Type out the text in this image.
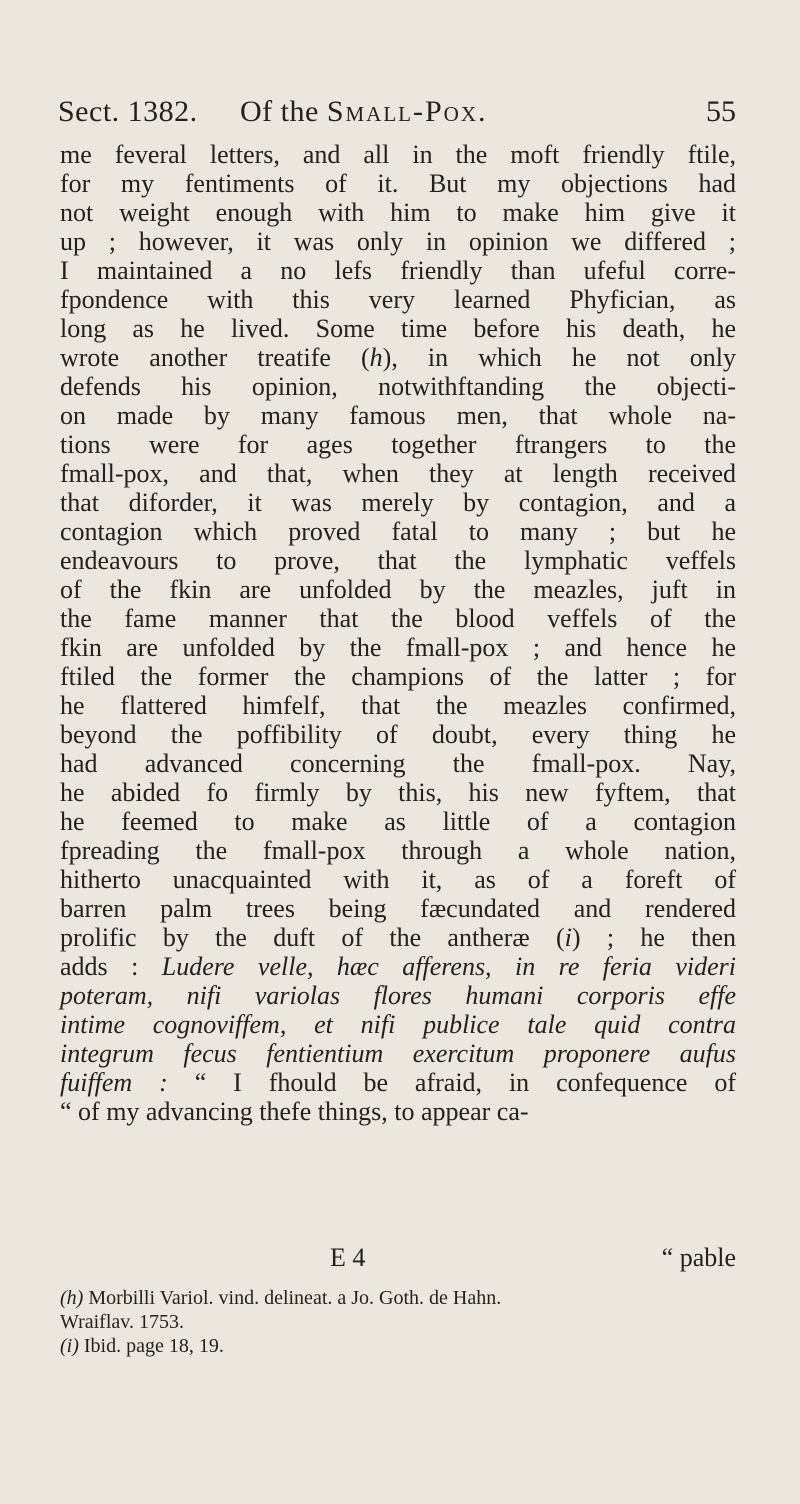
Sect. 1382. Of the Small-Pox.	55
me feveral letters, and all in the moft friendly ftile,
for my fentiments of it. But my objections had
not weight enough with him to make him give it
up ; however, it was only in opinion we differed ;
I maintained a no lefs friendly than ufeful corre-
fpondence with this very learned Phyfician, as
long as he lived. Some time before his death, he
wrote another treatife (h), in which he not only
defends his opinion, notwithftanding the objecti-
on made by many famous men, that whole na-
tions were for ages together ftrangers to the
fmall-pox, and that, when they at length received
that diforder, it was merely by contagion, and a
contagion which proved fatal to many ; but he
endeavours to prove, that the lymphatic veffels
of the fkin are unfolded by the meazles, juft in
the fame manner that the blood veffels of the
fkin are unfolded by the fmall-pox ; and hence he
ftiled the former the champions of the latter ; for
he flattered himfelf, that the meazles confirmed,
beyond the poffibility of doubt, every thing he
had advanced concerning the fmall-pox. Nay,
he abided fo firmly by this, his new fyftem, that
he feemed to make as little of a contagion
fpreading the fmall-pox through a whole nation,
hitherto unacquainted with it, as of a foreft of
barren palm trees being fæcundated and rendered
prolific by the duft of the antheræ (i) ; he then
adds : Ludere velle, hæc afferens, in re feria videri
poteram, nifi variolas flores humani corporis effe
intime cognoviffem, et nifi publice tale quid contra
integrum fecus fentientium exercitum proponere aufus
fuiffem : “ I fhould be afraid, in confequence of
“ of my advancing thefe things, to appear ca-
E 4	“ pable
(h) Morbilli Variol. vind. delineat. a Jo. Goth. de Hahn.
Wraiflav. 1753.
(i) Ibid. page 18, 19.
